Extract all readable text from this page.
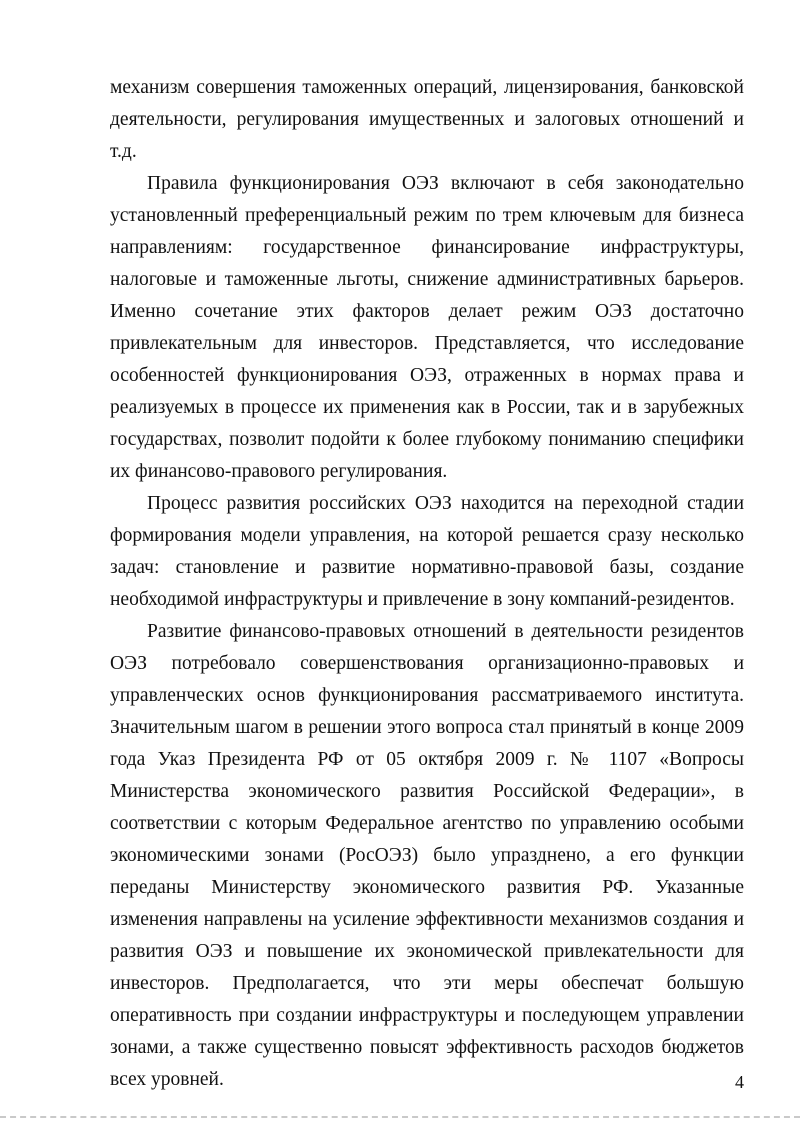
механизм совершения таможенных операций, лицензирования, банковской деятельности, регулирования имущественных и залоговых отношений и т.д.

Правила функционирования ОЭЗ включают в себя законодательно установленный преференциальный режим по трем ключевым для бизнеса направлениям: государственное финансирование инфраструктуры, налоговые и таможенные льготы, снижение административных барьеров. Именно сочетание этих факторов делает режим ОЭЗ достаточно привлекательным для инвесторов. Представляется, что исследование особенностей функционирования ОЭЗ, отраженных в нормах права и реализуемых в процессе их применения как в России, так и в зарубежных государствах, позволит подойти к более глубокому пониманию специфики их финансово-правового регулирования.

Процесс развития российских ОЭЗ находится на переходной стадии формирования модели управления, на которой решается сразу несколько задач: становление и развитие нормативно-правовой базы, создание необходимой инфраструктуры и привлечение в зону компаний-резидентов.

Развитие финансово-правовых отношений в деятельности резидентов ОЭЗ потребовало совершенствования организационно-правовых и управленческих основ функционирования рассматриваемого института. Значительным шагом в решении этого вопроса стал принятый в конце 2009 года Указ Президента РФ от 05 октября 2009 г. № 1107 «Вопросы Министерства экономического развития Российской Федерации», в соответствии с которым Федеральное агентство по управлению особыми экономическими зонами (РосОЭЗ) было упразднено, а его функции переданы Министерству экономического развития РФ. Указанные изменения направлены на усиление эффективности механизмов создания и развития ОЭЗ и повышение их экономической привлекательности для инвесторов. Предполагается, что эти меры обеспечат большую оперативность при создании инфраструктуры и последующем управлении зонами, а также существенно повысят эффективность расходов бюджетов всех уровней.	4
